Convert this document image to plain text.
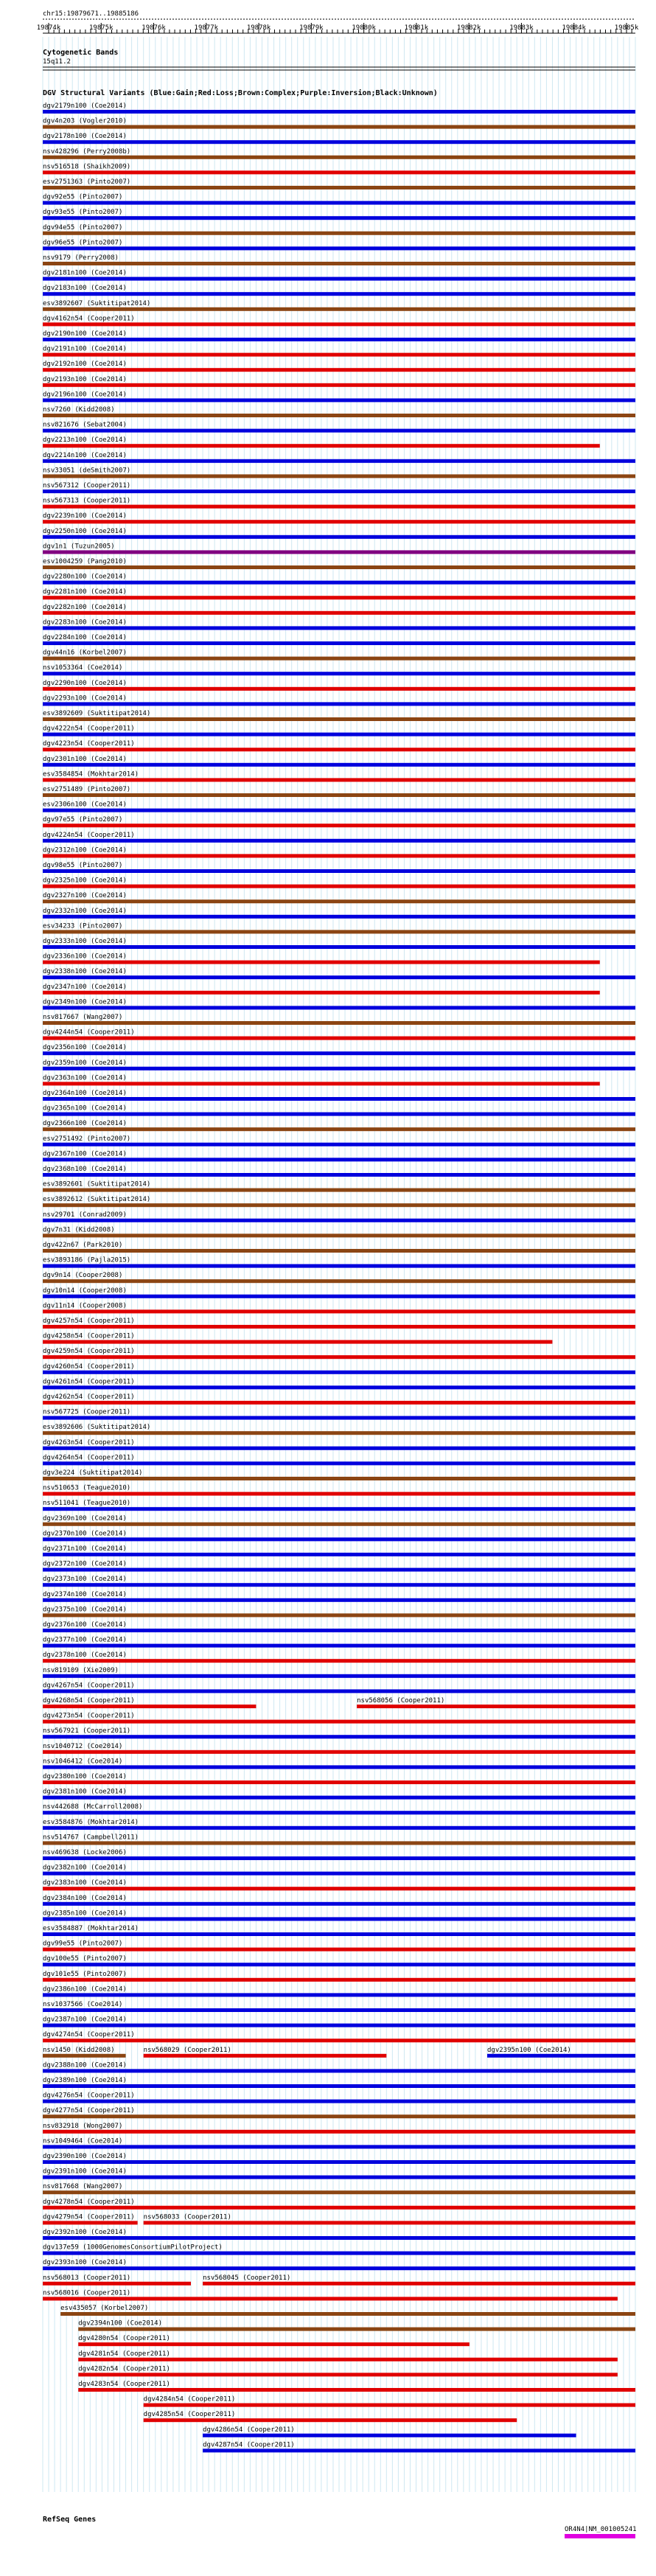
chr15:19879671..19885186
19874k	19875k	19876k	19877k	19878k	19879k	19880k	19881k	19882k	19883k	19884k	19885k
Cytogenetic Bands
15q11.2
DGV Structural Variants (Blue:Gain;Red:Loss;Brown:Complex;Purple:Inversion;Black:Unknown)
dgv2179n100 (Coe2014)
dgv4n203 (Vogler2010)
dgv2178n100 (Coe2014)
nsv428296 (Perry2008b)
nsv516518 (Shaikh2009)
esv2751363 (Pinto2007)
dgv92e55 (Pinto2007)
dgv93e55 (Pinto2007)
dgv94e55 (Pinto2007)
dgv96e55 (Pinto2007)
nsv9179 (Perry2008)
dgv2181n100 (Coe2014)
dgv2183n100 (Coe2014)
esv3892607 (Suktitipat2014)
dgv4162n54 (Cooper2011)
dgv2190n100 (Coe2014)
dgv2191n100 (Coe2014)
dgv2192n100 (Coe2014)
dgv2193n100 (Coe2014)
dgv2196n100 (Coe2014)
nsv7260 (Kidd2008)
nsv821676 (Sebat2004)
dgv2213n100 (Coe2014)
dgv2214n100 (Coe2014)
nsv33051 (deSmith2007)
nsv567312 (Cooper2011)
nsv567313 (Cooper2011)
dgv2239n100 (Coe2014)
dgv2250n100 (Coe2014)
dgv1n1 (Tuzun2005)
esv1004259 (Pang2010)
dgv2280n100 (Coe2014)
dgv2281n100 (Coe2014)
dgv2282n100 (Coe2014)
dgv2283n100 (Coe2014)
dgv2284n100 (Coe2014)
dgv44n16 (Korbel2007)
nsv1053364 (Coe2014)
dgv2290n100 (Coe2014)
dgv2293n100 (Coe2014)
esv3892609 (Suktitipat2014)
dgv4222n54 (Cooper2011)
dgv4223n54 (Cooper2011)
dgv2301n100 (Coe2014)
esv3584854 (Mokhtar2014)
esv2751489 (Pinto2007)
esv2306n100 (Coe2014)
dgv97e55 (Pinto2007)
dgv4224n54 (Cooper2011)
dgv2312n100 (Coe2014)
dgv98e55 (Pinto2007)
dgv2325n100 (Coe2014)
dgv2327n100 (Coe2014)
dgv2332n100 (Coe2014)
esv34233 (Pinto2007)
dgv2333n100 (Coe2014)
dgv2336n100 (Coe2014)
dgv2338n100 (Coe2014)
dgv2347n100 (Coe2014)
dgv2349n100 (Coe2014)
nsv817667 (Wang2007)
dgv4244n54 (Cooper2011)
dgv2356n100 (Coe2014)
dgv2359n100 (Coe2014)
dgv2363n100 (Coe2014)
dgv2364n100 (Coe2014)
dgv2365n100 (Coe2014)
dgv2366n100 (Coe2014)
esv2751492 (Pinto2007)
dgv2367n100 (Coe2014)
dgv2368n100 (Coe2014)
esv3892601 (Suktitipat2014)
esv3892612 (Suktitipat2014)
nsv29701 (Conrad2009)
dgv7n31 (Kidd2008)
dgv422n67 (Park2010)
esv3893186 (Pajla2015)
dgv9n14 (Cooper2008)
dgv10n14 (Cooper2008)
dgv11n14 (Cooper2008)
dgv4257n54 (Cooper2011)
dgv4258n54 (Cooper2011)
dgv4259n54 (Cooper2011)
dgv4260n54 (Cooper2011)
dgv4261n54 (Cooper2011)
dgv4262n54 (Cooper2011)
nsv567725 (Cooper2011)
esv3892606 (Suktitipat2014)
dgv4263n54 (Cooper2011)
dgv4264n54 (Cooper2011)
dgv3e224 (Suktitipat2014)
nsv510653 (Teague2010)
nsv511041 (Teague2010)
dgv2369n100 (Coe2014)
dgv2370n100 (Coe2014)
dgv2371n100 (Coe2014)
dgv2372n100 (Coe2014)
dgv2373n100 (Coe2014)
dgv2374n100 (Coe2014)
dgv2375n100 (Coe2014)
dgv2376n100 (Coe2014)
dgv2377n100 (Coe2014)
dgv2378n100 (Coe2014)
nsv819109 (Xie2009)
dgv4267n54 (Cooper2011)
dgv4268n54 (Cooper2011)	nsv568056 (Cooper2011)
dgv4273n54 (Cooper2011)
nsv567921 (Cooper2011)
nsv1040712 (Coe2014)
nsv1046412 (Coe2014)
dgv2380n100 (Coe2014)
dgv2381n100 (Coe2014)
nsv442688 (McCarroll2008)
esv3584876 (Mokhtar2014)
nsv514767 (Campbell2011)
nsv469638 (Locke2006)
dgv2382n100 (Coe2014)
dgv2383n100 (Coe2014)
dgv2384n100 (Coe2014)
dgv2385n100 (Coe2014)
esv3584887 (Mokhtar2014)
dgv99e55 (Pinto2007)
dgv100e55 (Pinto2007)
dgv101e55 (Pinto2007)
dgv2386n100 (Coe2014)
nsv1037566 (Coe2014)
dgv2387n100 (Coe2014)
dgv4274n54 (Cooper2011)
nsv1450 (Kidd2008)	nsv568029 (Cooper2011)	dgv2395n100 (Coe2014)
dgv2388n100 (Coe2014)
dgv2389n100 (Coe2014)
dgv4276n54 (Cooper2011)
dgv4277n54 (Cooper2011)
nsv832918 (Wong2007)
nsv1049464 (Coe2014)
dgv2390n100 (Coe2014)
dgv2391n100 (Coe2014)
nsv817668 (Wang2007)
dgv4278n54 (Cooper2011)
dgv4279n54 (Cooper2011) nsv568033 (Cooper2011)
dgv2392n100 (Coe2014)
dgv137e59 (1000GenomesConsortiumPilotProject)
dgv2393n100 (Coe2014)
nsv568013 (Cooper2011)	nsv568045 (Cooper2011)
nsv568016 (Cooper2011)
esv435057 (Korbel2007)
dgv2394n100 (Coe2014)
dgv4280n54 (Cooper2011)
dgv4281n54 (Cooper2011)
dgv4282n54 (Cooper2011)
dgv4283n54 (Cooper2011)
dgv4284n54 (Cooper2011)
dgv4285n54 (Cooper2011)
dgv4286n54 (Cooper2011)
dgv4287n54 (Cooper2011)
RefSeq Genes
OR4N4|NM_001005241
